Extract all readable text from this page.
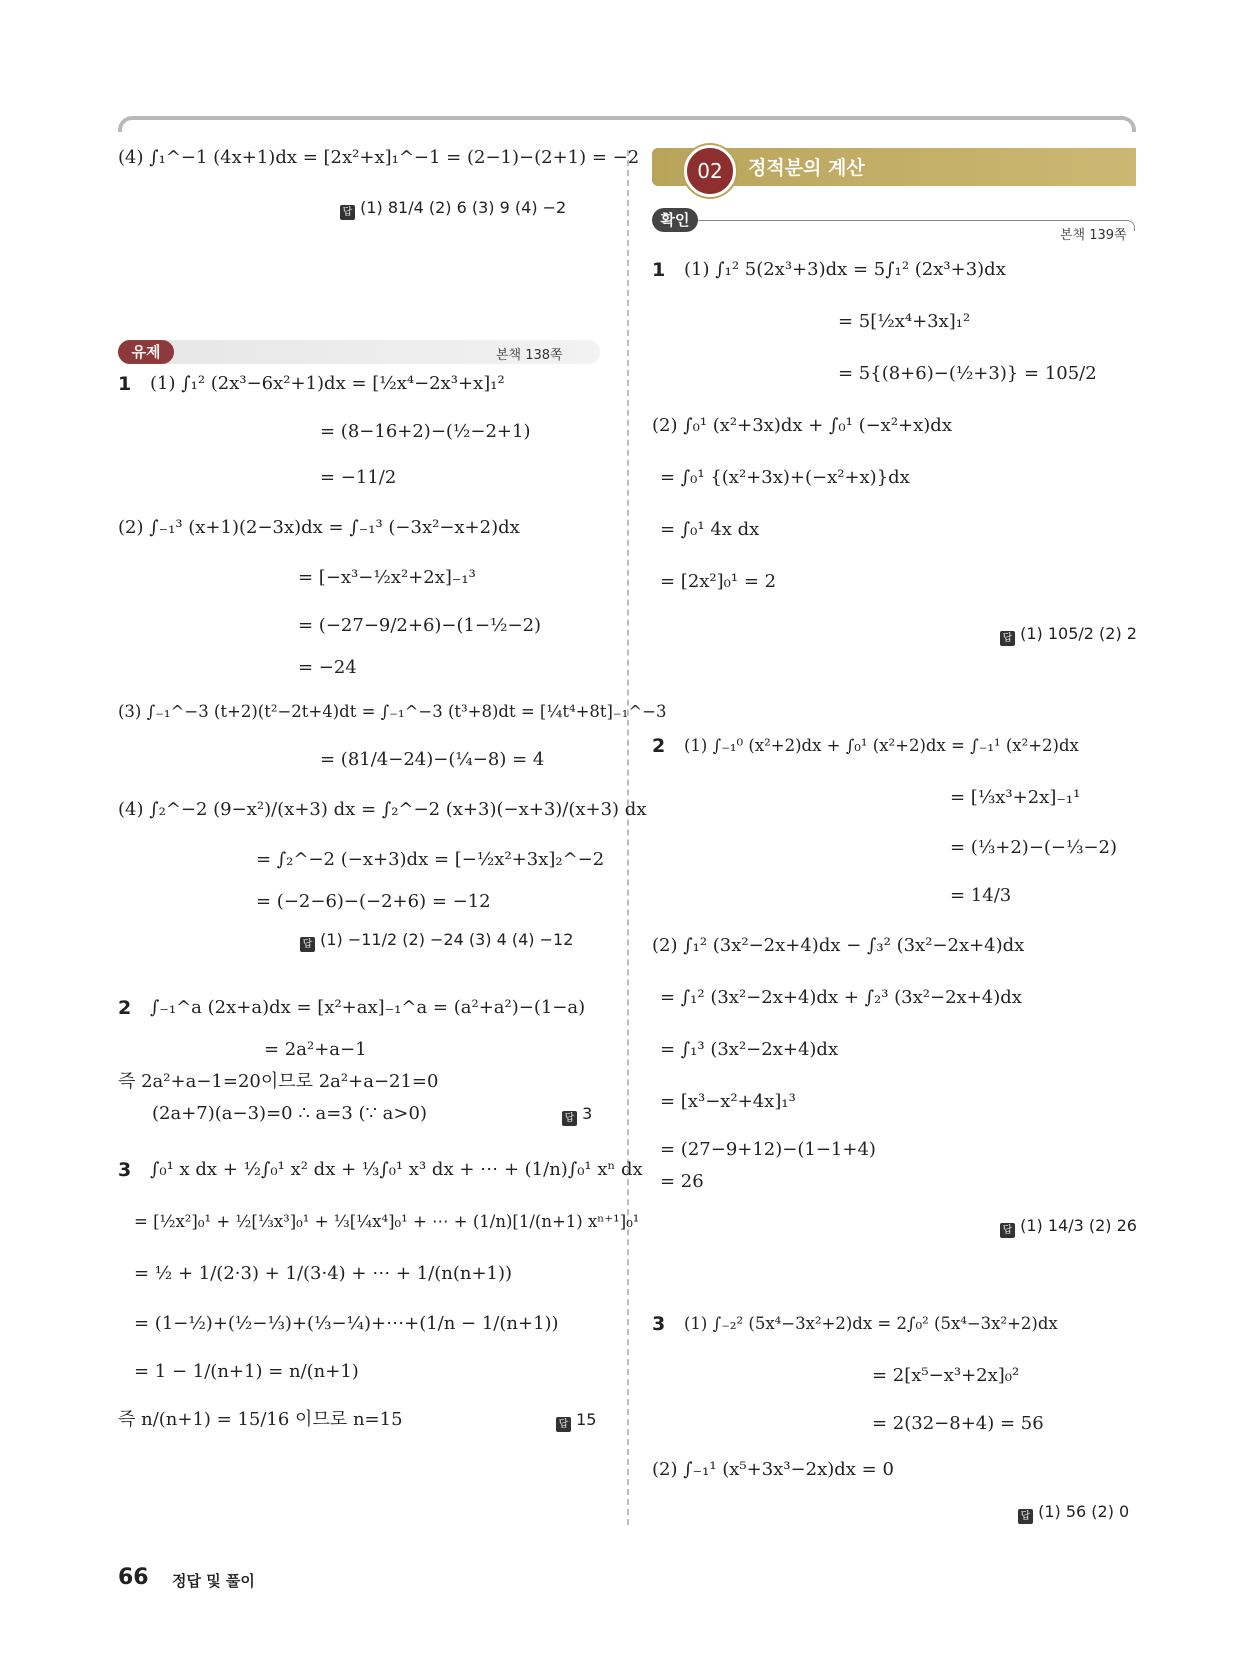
(4) ∫₁^−1 (4x+1)dx = [2x²+x]₁^−1 = (2−1)−(2+1) = −2
답 (1) 81/4 (2) 6 (3) 9 (4) −2
유제	본책 138쪽
1 (1) ∫₁² (2x³−6x²+1)dx = [½x⁴−2x³+x]₁²
= (8−16+2)−(½−2+1)
= −11/2
(2) ∫₋₁³ (x+1)(2−3x)dx = ∫₋₁³ (−3x²−x+2)dx
= [−x³−½x²+2x]₋₁³
= (−27−9/2+6)−(1−½−2)
= −24
(3) ∫₋₁^−3 (t+2)(t²−2t+4)dt = ∫₋₁^−3 (t³+8)dt = [¼t⁴+8t]₋₁^−3
= (81/4−24)−(¼−8) = 4
(4) ∫₂^−2 (9−x²)/(x+3) dx = ∫₂^−2 (x+3)(−x+3)/(x+3) dx
= ∫₂^−2 (−x+3)dx = [−½x²+3x]₂^−2
= (−2−6)−(−2+6) = −12
답 (1) −11/2 (2) −24 (3) 4 (4) −12
2 ∫₋₁^a (2x+a)dx = [x²+ax]₋₁^a = (a²+a²)−(1−a)
= 2a²+a−1
즉 2a²+a−1=20이므로 2a²+a−21=0
(2a+7)(a−3)=0 ∴ a=3 (∵ a>0)	답 3
3 ∫₀¹ x dx + ½∫₀¹ x² dx + ⅓∫₀¹ x³ dx + ⋯ + (1/n)∫₀¹ xⁿ dx
= [½x²]₀¹ + ½[⅓x³]₀¹ + ⅓[¼x⁴]₀¹ + ⋯ + (1/n)[1/(n+1) xⁿ⁺¹]₀¹
= ½ + 1/(2·3) + 1/(3·4) + ⋯ + 1/(n(n+1))
= (1−½)+(½−⅓)+(⅓−¼)+⋯+(1/n − 1/(n+1))
= 1 − 1/(n+1) = n/(n+1)
즉 n/(n+1) = 15/16 이므로 n=15	답 15
02	정적분의 계산
확인
본책 139쪽
1 (1) ∫₁² 5(2x³+3)dx = 5∫₁² (2x³+3)dx
= 5[½x⁴+3x]₁²
= 5{(8+6)−(½+3)} = 105/2
(2) ∫₀¹ (x²+3x)dx + ∫₀¹ (−x²+x)dx
= ∫₀¹ {(x²+3x)+(−x²+x)}dx
= ∫₀¹ 4x dx
= [2x²]₀¹ = 2
답 (1) 105/2 (2) 2
2 (1) ∫₋₁⁰ (x²+2)dx + ∫₀¹ (x²+2)dx = ∫₋₁¹ (x²+2)dx
= [⅓x³+2x]₋₁¹
= (⅓+2)−(−⅓−2)
= 14/3
(2) ∫₁² (3x²−2x+4)dx − ∫₃² (3x²−2x+4)dx
= ∫₁² (3x²−2x+4)dx + ∫₂³ (3x²−2x+4)dx
= ∫₁³ (3x²−2x+4)dx
= [x³−x²+4x]₁³
= (27−9+12)−(1−1+4)
= 26
답 (1) 14/3 (2) 26
3 (1) ∫₋₂² (5x⁴−3x²+2)dx = 2∫₀² (5x⁴−3x²+2)dx
= 2[x⁵−x³+2x]₀²
= 2(32−8+4) = 56
(2) ∫₋₁¹ (x⁵+3x³−2x)dx = 0
답 (1) 56 (2) 0
66 정답 및 풀이
